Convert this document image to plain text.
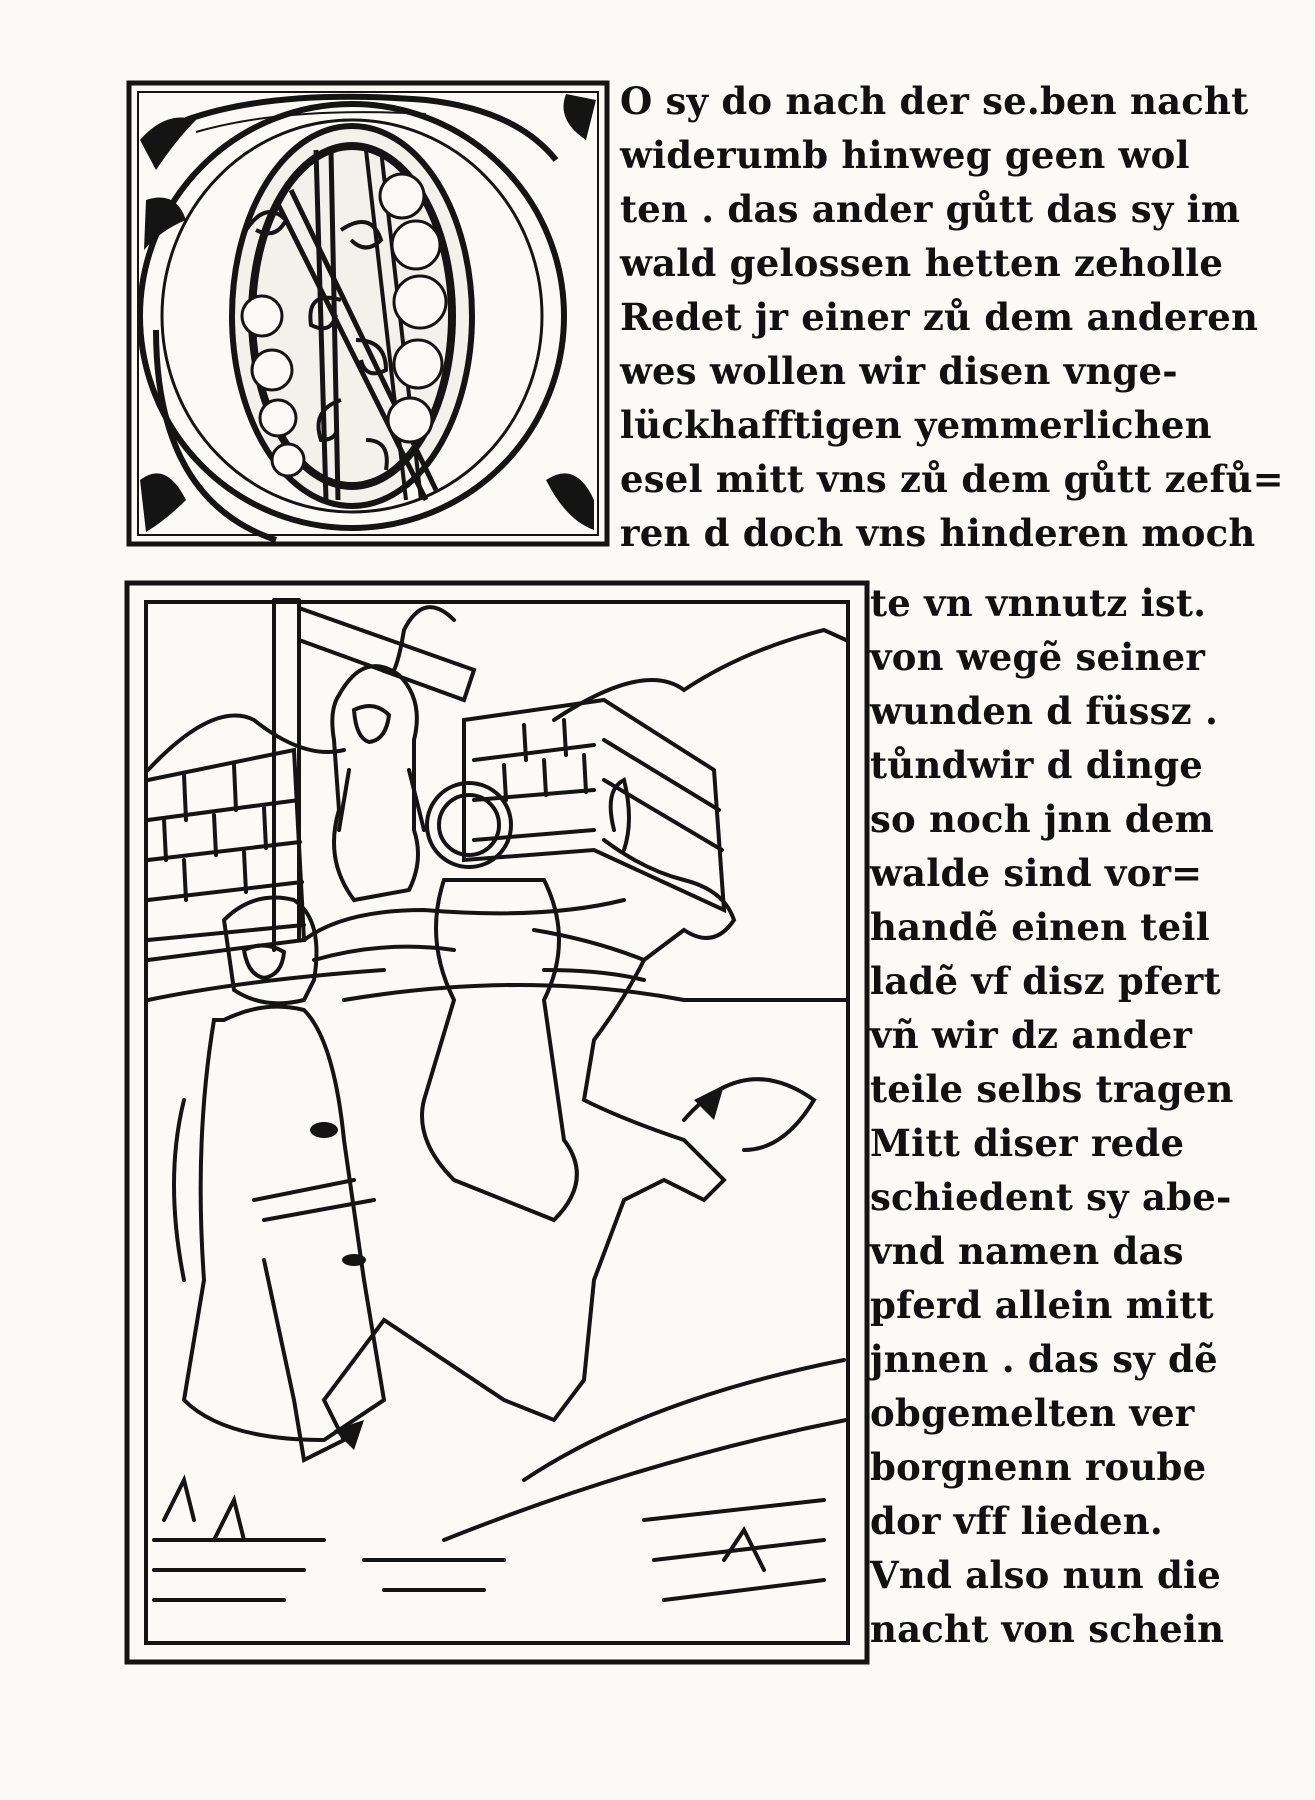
O sy do nach der se.ben nacht

widerumb hinweg geen wol

ten . das ander gůtt das sy im

wald gelossen hetten zeholle

Redet jr einer zů dem anderen

wes wollen wir disen vnge-

lückhafftigen yemmerlichen

esel mitt vns zů dem gůtt zefů=

ren d doch vns hinderen moch

te vn vnnutz ist.

von wegẽ seiner

wunden d füssz .

tůndwir d dinge

so noch jnn dem

walde sind vor=

handẽ einen teil

ladẽ vf disz pfert

vñ wir dz ander

teile selbs tragen

Mitt diser rede

schiedent sy abe-

vnd namen das

pferd allein mitt

jnnen . das sy dẽ

obgemelten ver

borgnenn roube

dor vff lieden.

Vnd also nun die

nacht von schein
